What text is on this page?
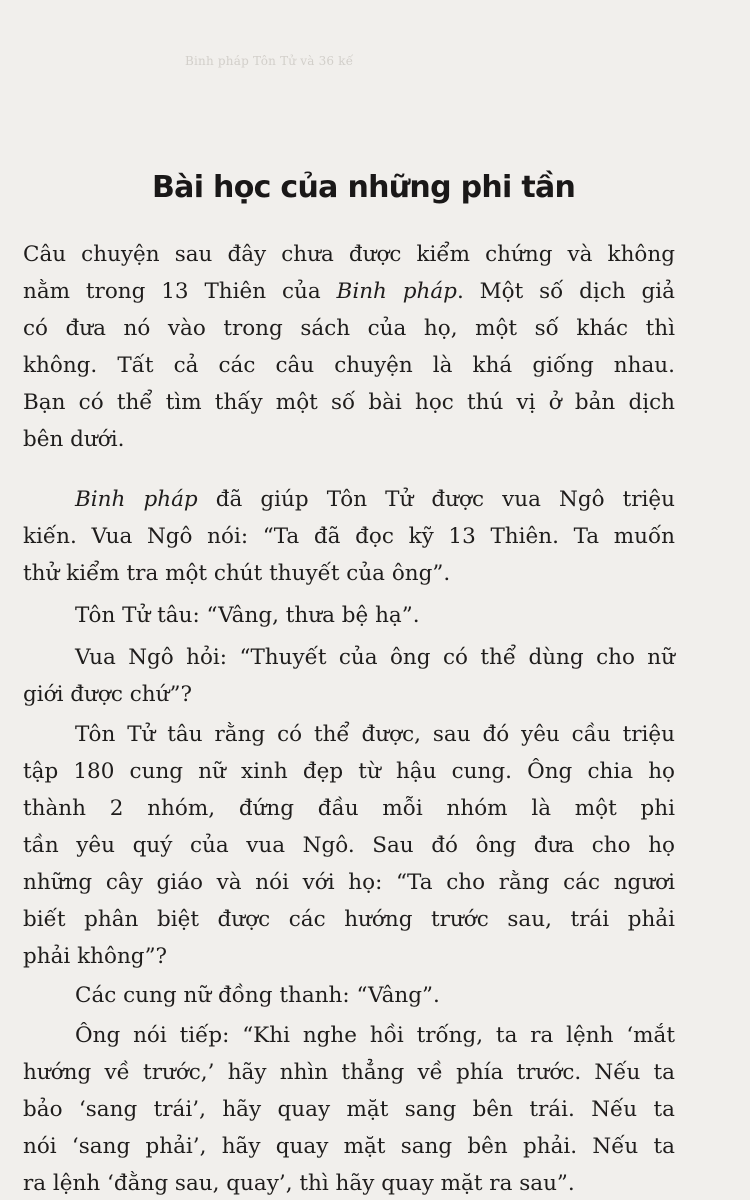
Binh pháp Tôn Tử và 36 kế
Bài học của những phi tần
Câu chuyện sau đây chưa được kiểm chứng và không
nằm trong 13 Thiên của Binh pháp. Một số dịch giả
có đưa nó vào trong sách của họ, một số khác thì
không. Tất cả các câu chuyện là khá giống nhau.
Bạn có thể tìm thấy một số bài học thú vị ở bản dịch
bên dưới.
Binh pháp đã giúp Tôn Tử được vua Ngô triệu
kiến. Vua Ngô nói: “Ta đã đọc kỹ 13 Thiên. Ta muốn
thử kiểm tra một chút thuyết của ông”.
Tôn Tử tâu: “Vâng, thưa bệ hạ”.
Vua Ngô hỏi: “Thuyết của ông có thể dùng cho nữ
giới được chứ”?
Tôn Tử tâu rằng có thể được, sau đó yêu cầu triệu
tập 180 cung nữ xinh đẹp từ hậu cung. Ông chia họ
thành 2 nhóm, đứng đầu mỗi nhóm là một phi
tần yêu quý của vua Ngô. Sau đó ông đưa cho họ
những cây giáo và nói với họ: “Ta cho rằng các ngươi
biết phân biệt được các hướng trước sau, trái phải
phải không”?
Các cung nữ đồng thanh: “Vâng”.
Ông nói tiếp: “Khi nghe hồi trống, ta ra lệnh ‘mắt
hướng về trước,’ hãy nhìn thẳng về phía trước. Nếu ta
bảo ‘sang trái’, hãy quay mặt sang bên trái. Nếu ta
nói ‘sang phải’, hãy quay mặt sang bên phải. Nếu ta
ra lệnh ‘đằng sau, quay’, thì hãy quay mặt ra sau”.
